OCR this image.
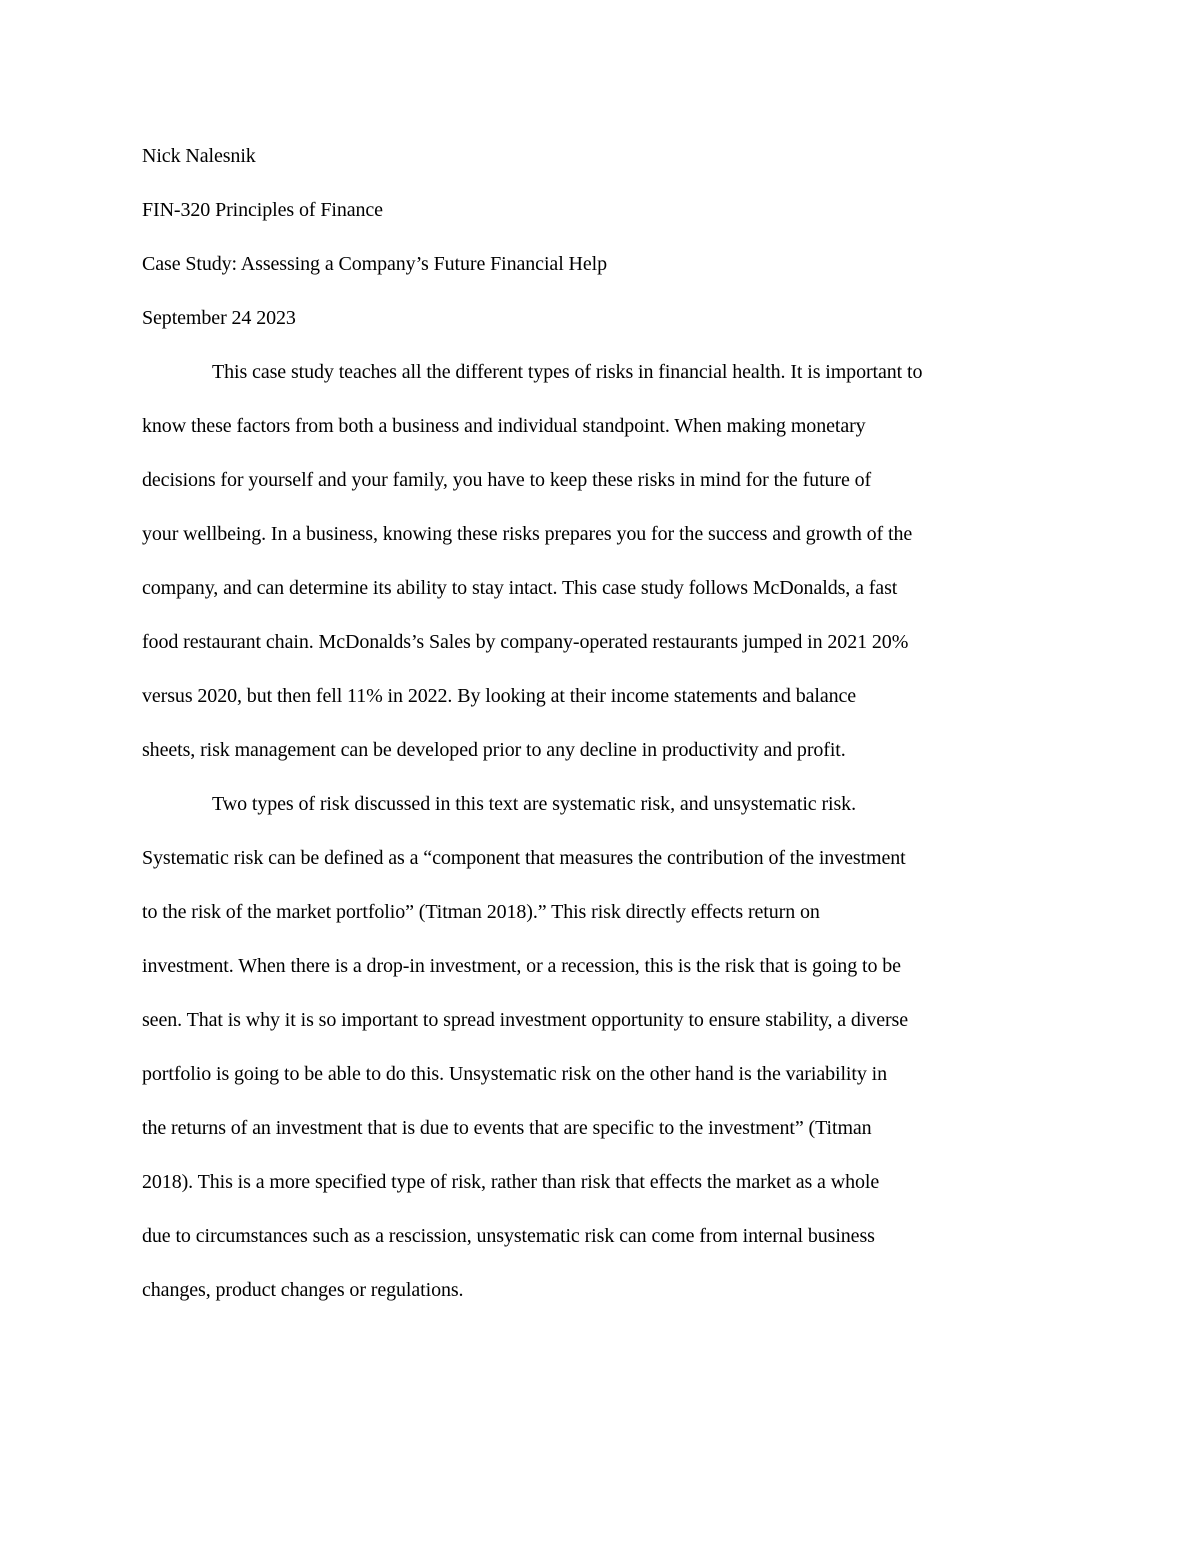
Nick Nalesnik
FIN-320 Principles of Finance
Case Study: Assessing a Company’s Future Financial Help
September 24 2023
This case study teaches all the different types of risks in financial health. It is important to
know these factors from both a business and individual standpoint. When making monetary
decisions for yourself and your family, you have to keep these risks in mind for the future of
your wellbeing. In a business, knowing these risks prepares you for the success and growth of the
company, and can determine its ability to stay intact. This case study follows McDonalds, a fast
food restaurant chain. McDonalds’s Sales by company-operated restaurants jumped in 2021 20%
versus 2020, but then fell 11% in 2022. By looking at their income statements and balance
sheets, risk management can be developed prior to any decline in productivity and profit.
Two types of risk discussed in this text are systematic risk, and unsystematic risk.
Systematic risk can be defined as a “component that measures the contribution of the investment
to the risk of the market portfolio” (Titman 2018).” This risk directly effects return on
investment. When there is a drop-in investment, or a recession, this is the risk that is going to be
seen. That is why it is so important to spread investment opportunity to ensure stability, a diverse
portfolio is going to be able to do this. Unsystematic risk on the other hand is the variability in
the returns of an investment that is due to events that are specific to the investment” (Titman
2018). This is a more specified type of risk, rather than risk that effects the market as a whole
due to circumstances such as a rescission, unsystematic risk can come from internal business
changes, product changes or regulations.
